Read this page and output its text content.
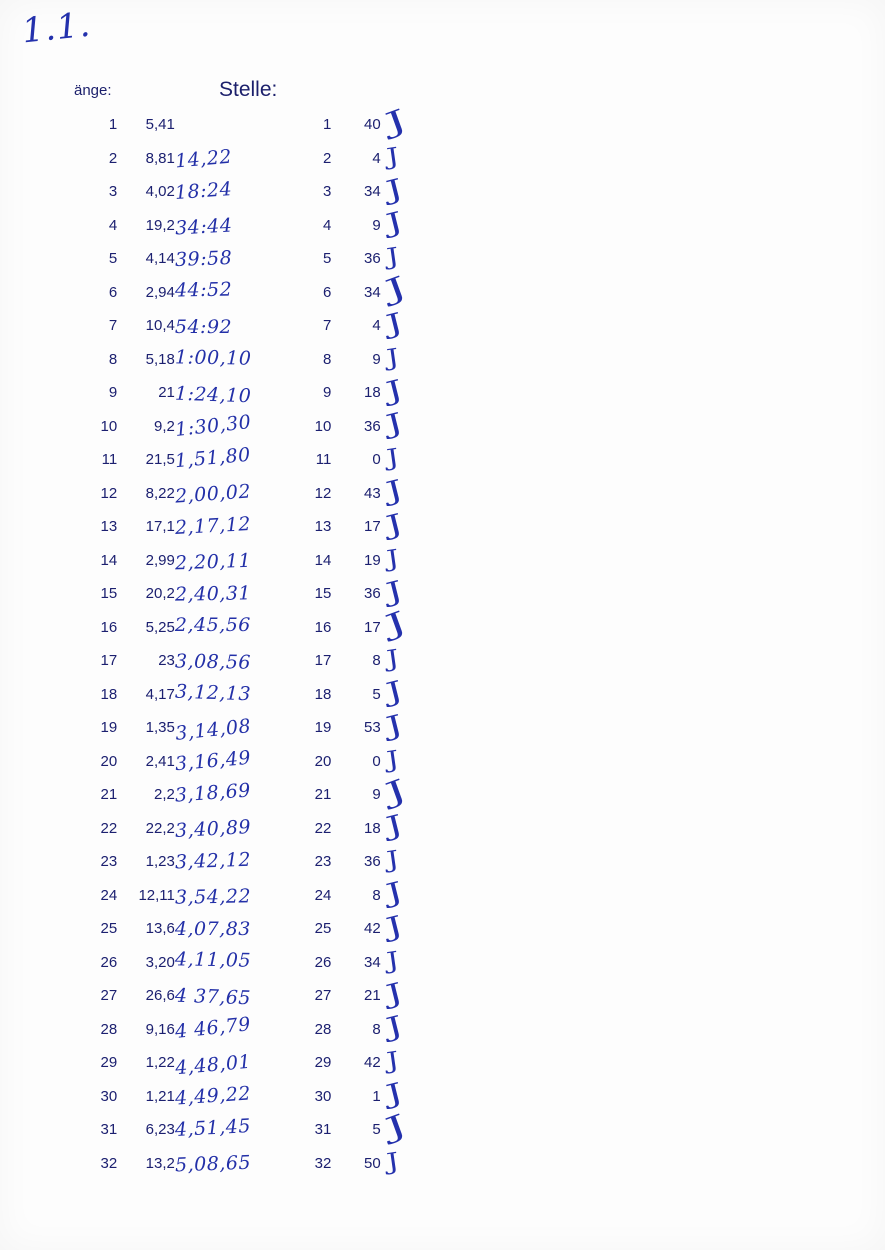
1.1.
änge:	Stelle:
1	5,41		1	40	J
2	8,81	14,22	2	4	J
3	4,02	18:24	3	34	J
4	19,2	34:44	4	9	J
5	4,14	39:58	5	36	J
6	2,94	44:52	6	34	J
7	10,4	54:92	7	4	J
8	5,18	1:00,10	8	9	J
9	21	1:24,10	9	18	J
10	9,2	1:30,30	10	36	J
11	21,5	1,51,80	11	0	J
12	8,22	2,00,02	12	43	J
13	17,1	2,17,12	13	17	J
14	2,99	2,20,11	14	19	J
15	20,2	2,40,31	15	36	J
16	5,25	2,45,56	16	17	J
17	23	3,08,56	17	8	J
18	4,17	3,12,13	18	5	J
19	1,35	3,14,08	19	53	J
20	2,41	3,16,49	20	0	J
21	2,2	3,18,69	21	9	J
22	22,2	3,40,89	22	18	J
23	1,23	3,42,12	23	36	J
24	12,11	3,54,22	24	8	J
25	13,6	4,07,83	25	42	J
26	3,20	4,11,05	26	34	J
27	26,6	4 37,65	27	21	J
28	9,16	4 46,79	28	8	J
29	1,22	4,48,01	29	42	J
30	1,21	4,49,22	30	1	J
31	6,23	4,51,45	31	5	J
32	13,2	5,08,65	32	50	J
